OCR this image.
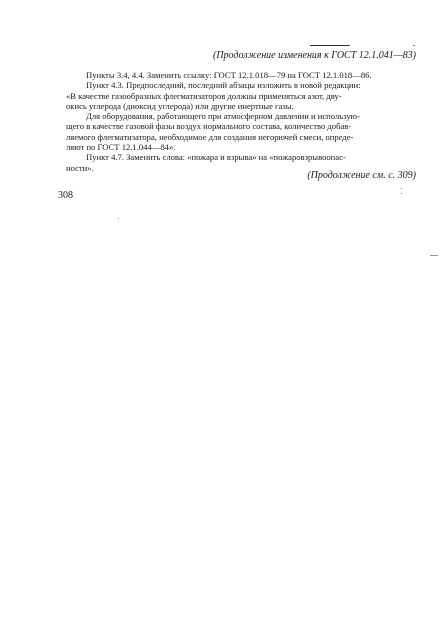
(Продолжение изменения к ГОСТ 12.1.041—83)
Пункты 3.4, 4.4. Заменить ссылку: ГОСТ 12.1.018—79 на ГОСТ 12.1.018—86.
Пункт 4.3. Предпоследний, последний абзацы изложить в новой редакции:
«В качестве газообразных флегматизаторов должны применяться азот, дву-
окись углерода (диоксид углерода) или другие инертные газы.
Для оборудования, работающего при атмосферном давлении и использую-
щего в качестве газовой фазы воздух нормального состава, количество добав-
ляемого флегматизатора, необходимое для создания негорючей смеси, опреде-
ляют по ГОСТ 12.1.044—84».
Пункт 4.7. Заменить слова: «пожара и взрыва» на «пожаровзрывоопас-
ности».
(Продолжение см. с. 309)
308
